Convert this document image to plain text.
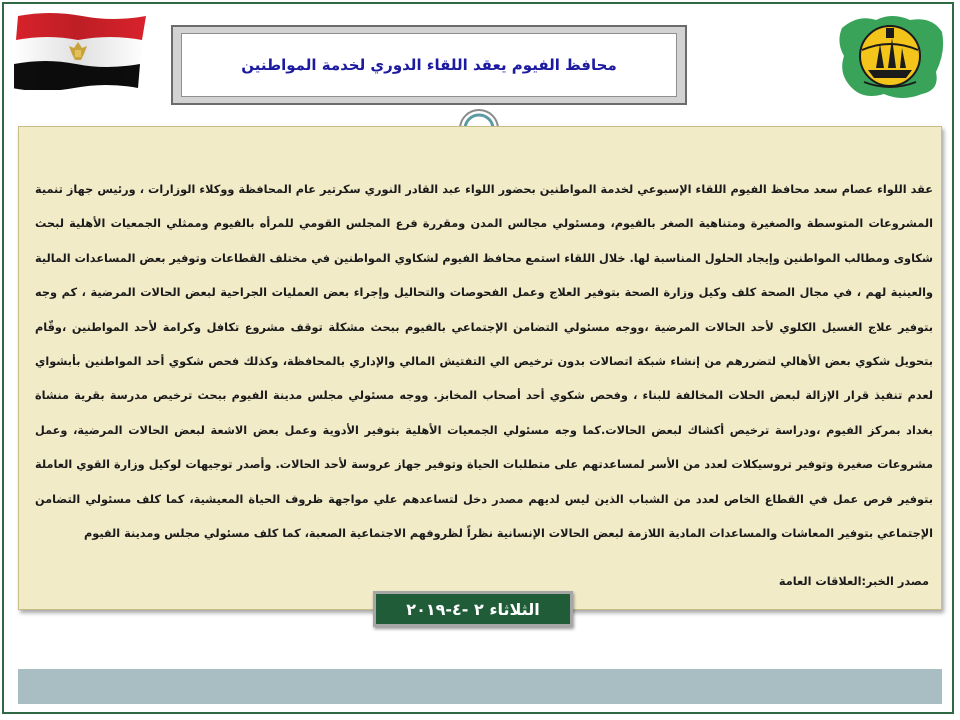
محافظ الفيوم يعقد اللقاء الدوري لخدمة المواطنين

عقد اللواء عصام سعد محافظ الفيوم اللقاء الإسبوعي لخدمة المواطنين بحضور اللواء عبد القادر النوري سكرتير عام المحافظة ووكلاء الوزارات ، ورئيس جهاز تنمية المشروعات المتوسطة والصغيرة ومتناهية الصغر بالفيوم، ومسئولي مجالس المدن ومقررة فرع المجلس القومي للمرأه بالفيوم وممثلي الجمعيات الأهلية لبحث شكاوى ومطالب المواطنين وإيجاد الحلول المناسبة لها. خلال اللقاء استمع محافظ الفيوم لشكاوي المواطنين في مختلف القطاعات وتوفير بعض المساعدات المالية والعينية لهم ، في مجال الصحة كلف وكيل وزارة الصحة بتوفير العلاج وعمل الفحوصات والتحاليل وإجراء بعض العمليات الجراحية لبعض الحالات المرضية ، كم وجه بتوفير علاج الغسيل الكلوي لأحد الحالات المرضية ،ووجه مسئولي التضامن الإجتماعي بالفيوم ببحث مشكلة توقف مشروع تكافل وكرامة لأحد المواطنين ،وقّام بتحويل شكوي بعض الأهالي لتضررهم من إنشاء شبكة اتصالات بدون ترخيص الي التفتيش المالي والإداري بالمحافظة، وكذلك فحص شكوي أحد المواطنين بأبشواي لعدم تنفيذ قرار الإزالة لبعض الحلات المخالفة للبناء ، وفحص شكوي أحد أصحاب المخابز. ووجه مسئولي مجلس مدينة الفيوم ببحث ترخيص مدرسة بقرية منشاة بغداد بمركز الفيوم ،ودراسة ترخيص أكشاك لبعض الحالات.كما وجه مسئولي الجمعيات الأهلية بتوفير الأدوية وعمل بعض الاشعة لبعض الحالات المرضية، وعمل مشروعات صغيرة وتوفير تروسيكلات لعدد من الأسر لمساعدتهم على متطلبات الحياة وتوفير جهاز عروسة لأحد الحالات. وأصدر توجيهات لوكيل وزارة القوي العاملة بتوفير فرص عمل في القطاع الخاص لعدد من الشباب الذين ليس لديهم مصدر دخل لتساعدهم علي مواجهة ظروف الحياة المعيشية، كما كلف مسئولي التضامن الإجتماعي بتوفير المعاشات والمساعدات المادية اللازمة لبعض الحالات الإنسانية نظراً لظروفهم الاجتماعية الصعبة، كما كلف مسئولي مجلس ومدينة الفيوم

مصدر الخبر:العلاقات العامة
الثلاثاء ٢ -٤-٢٠١٩
